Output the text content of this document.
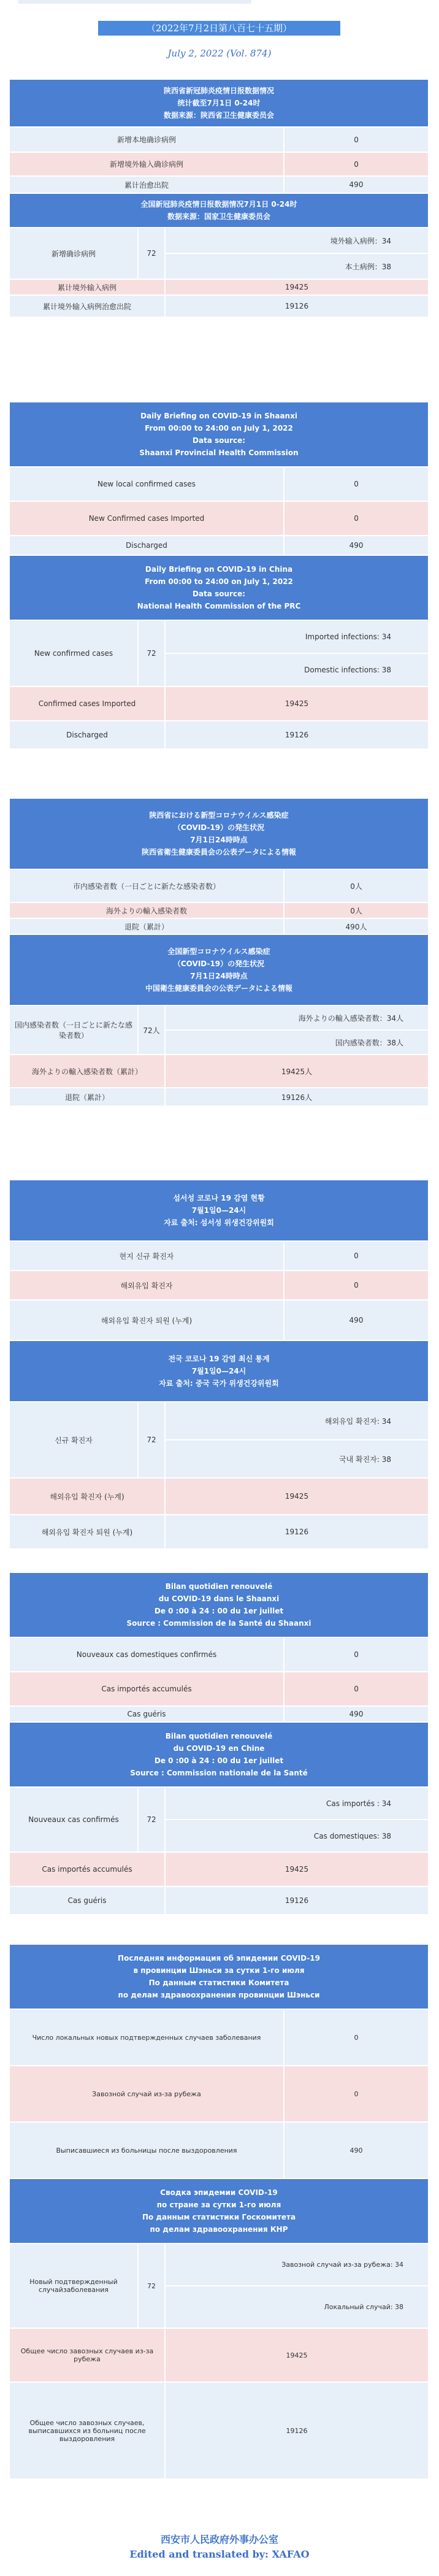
（2022年7月2日第八百七十五期）
July 2, 2022 (Vol. 874)
陕西省新冠肺炎疫情日报数据情况
统计截至7月1日 0-24时
数据来源：陕西省卫生健康委员会			

新增本地确诊病例			0
新增境外输入确诊病例			0
累计治愈出院			490

全国新冠肺炎疫情日报数据情况7月1日 0-24时
数据来源：国家卫生健康委员会			

新增确诊病例	72	境外输入病例：34	
		本土病例：38	
累计境外输入病例		19425	
累计境外输入病例治愈出院		19126	
Daily Briefing on COVID-19 in Shaanxi
From 00:00 to 24:00 on July 1, 2022
Data source:
Shaanxi Provincial Health Commission			

New local confirmed cases			0
New Confirmed cases Imported			0
Discharged			490

Daily Briefing on COVID-19 in China
From 00:00 to 24:00 on July 1, 2022
Data source:
National Health Commission of the PRC			

New confirmed cases	72	Imported infections: 34	
		Domestic infections: 38	
Confirmed cases Imported		19425	
Discharged		19126	
陕西省における新型コロナウイルス感染症
（COVID-19）の発生状況
7月1日24時時点
陕西省衛生健康委員会の公表データによる情報			

市内感染者数（一日ごとに新たな感染者数）			0人
海外よりの輸入感染者数			0人
退院（累計）			490人

全国新型コロナウイルス感染症
（COVID-19）の発生状況
7月1日24時時点
中国衛生健康委員会の公表データによる情報			

国内感染者数（一日ごとに新たな感染者数）	72人	海外よりの輸入感染者数：34人	
		国内感染者数：38人	
海外よりの輸入感染者数（累計）		19425人	
退院（累計）		19126人	
섬서성 코로나 19 감염 현황
7월1일0—24시
자료 출처: 섬서성 위생건강위원회			

현지 신규 확진자			0
해외유입 확진자			0
해외유입 확진자 퇴원 (누계)			490

전국 코로나 19 감염 최신 통계
7월1일0—24시
자료 출처: 중국 국가 위생건강위원회			

신규 확진자	72	해외유입 확진자: 34	
		국내 확진자: 38	
해외유입 확진자 (누계)		19425	
해외유입 확진자 퇴원 (누계)		19126	
Bilan quotidien renouvelé
du COVID-19 dans le Shaanxi
De 0 :00 à 24 : 00 du 1er juillet
Source : Commission de la Santé du Shaanxi			

Nouveaux cas domestiques confirmés			0
Cas importés accumulés			0
Cas guéris			490

Bilan quotidien renouvelé
du COVID-19 en Chine
De 0 :00 à 24 : 00 du 1er juillet
Source : Commission nationale de la Santé			

Nouveaux cas confirmés	72	Cas importés : 34	
		Cas domestiques: 38	
Cas importés accumulés		19425	
Cas guéris		19126	
Последняя информация об эпидемии COVID-19
в провинции Шэньси за сутки 1-го июля
По данным статистики Комитета
по делам здравоохранения провинции Шэньси			

Число локальных новых подтвержденных случаев заболевания			0
Завозной случай из-за рубежа			0
Выписавшиеся из больницы после выздоровления			490

Сводка эпидемии COVID-19
по стране за сутки 1-го июля
По данным статистики Госкомитета
по делам здравоохранения КНР			

Новый подтвержденный случайзаболевания	72	Завозной случай из-за рубежа: 34	
		Локальный случай: 38	
Общее число завозных случаев из-за рубежа		19425	
Общее число завозных случаев, выписавшихся из больниц после выздоровления		19126	
西安市人民政府外事办公室
Edited and translated by: XAFAO
